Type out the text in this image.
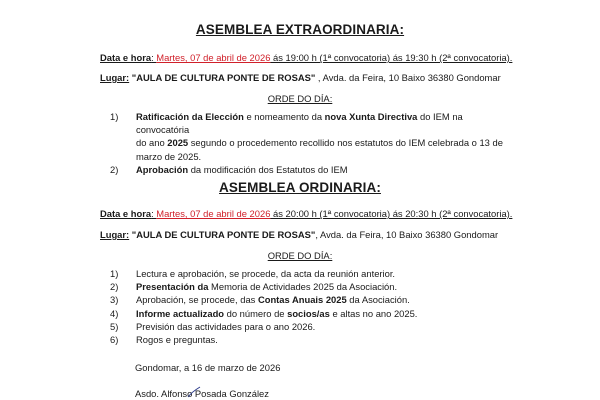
ASEMBLEA EXTRAORDINARIA:
Data e hora: Martes, 07 de abril de 2026 ás 19:00 h (1ª convocatoria) ás 19:30 h (2ª convocatoria).
Lugar: "AULA DE CULTURA PONTE DE ROSAS" , Avda. da Feira, 10 Baixo 36380 Gondomar
ORDE DO DÍA:
1) Ratificación da Elección e nomeamento da nova Xunta Directiva do IEM na convocatória
do ano 2025 segundo o procedemento recollido nos estatutos do IEM celebrada o 13 de
marzo de 2025.
2) Aprobación da modificación dos Estatutos do IEM
ASEMBLEA ORDINARIA:
Data e hora: Martes, 07 de abril de 2026 ás 20:00 h (1ª convocatoria) ás 20:30 h (2ª convocatoria).
Lugar: "AULA DE CULTURA PONTE DE ROSAS", Avda. da Feira, 10 Baixo 36380 Gondomar
ORDE DO DÍA:
1) Lectura e aprobación, se procede, da acta da reunión anterior.
2) Presentación da Memoria de Actividades 2025 da Asociación.
3) Aprobación, se procede, das Contas Anuais 2025 da Asociación.
4) Informe actualizado do número de socios/as e altas no ano 2025.
5) Previsión das actividades para o ano 2026.
6) Rogos e preguntas.
Gondomar, a 16 de marzo de 2026
Asdo. Alfonso Posada González
